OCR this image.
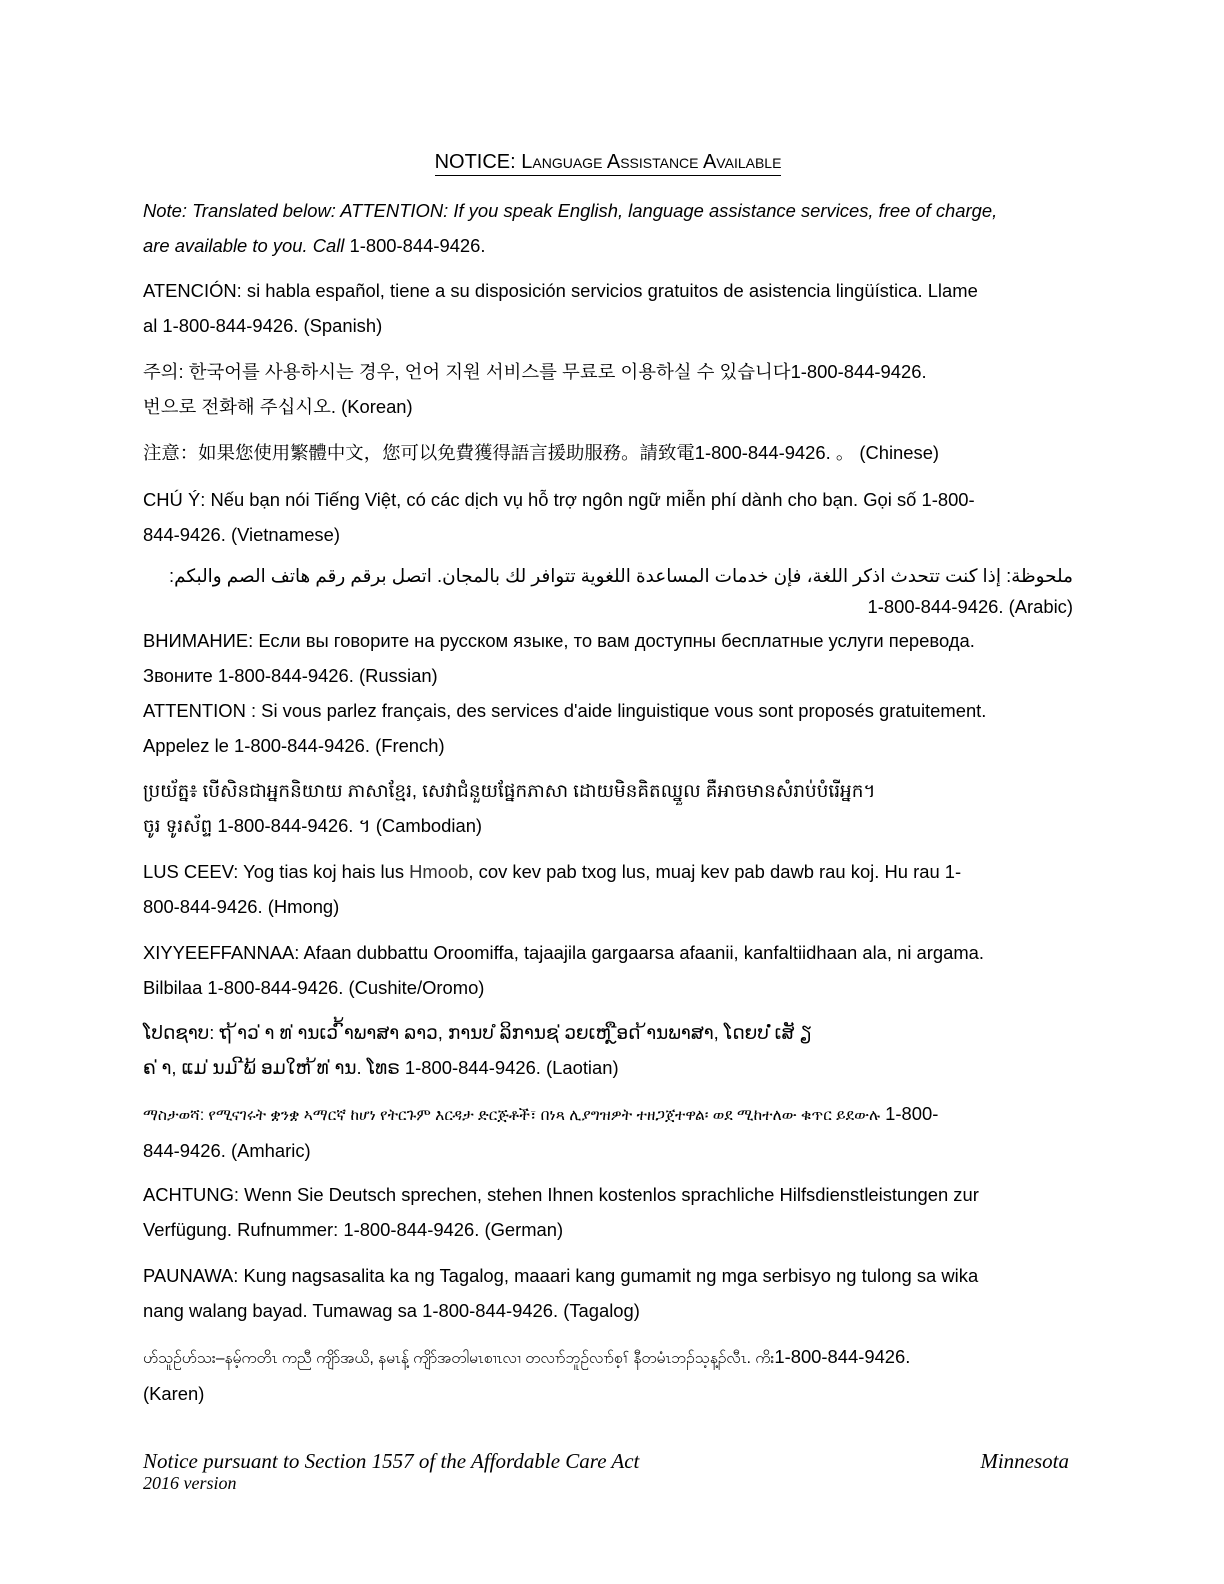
NOTICE: Language Assistance Available
Note: Translated below: ATTENTION: If you speak English, language assistance services, free of charge,
are available to you. Call 1-800-844-9426.
ATENCIÓN: si habla español, tiene a su disposición servicios gratuitos de asistencia lingüística. Llame
al 1-800-844-9426. (Spanish)
주의: 한국어를 사용하시는 경우, 언어 지원 서비스를 무료로 이용하실 수 있습니다1-800-844-9426.
번으로 전화해 주십시오. (Korean)
注意：如果您使用繁體中文，您可以免費獲得語言援助服務。請致電1-800-844-9426. 。 (Chinese)
CHÚ Ý: Nếu bạn nói Tiếng Việt, có các dịch vụ hỗ trợ ngôn ngữ miễn phí dành cho bạn. Gọi số 1-800-
844-9426. (Vietnamese)
ملحوظة: إذا كنت تتحدث اذكر اللغة، فإن خدمات المساعدة اللغوية تتوافر لك بالمجان. اتصل برقم رقم هاتف الصم والبكم:
1-800-844-9426. (Arabic)
ВНИМАНИЕ: Если вы говорите на русском языке, то вам доступны бесплатные услуги перевода.
Звоните 1-800-844-9426. (Russian)
ATTENTION : Si vous parlez français, des services d'aide linguistique vous sont proposés gratuitement.
Appelez le 1-800-844-9426. (French)
ប្រយ័ត្ន៖ បើសិនជាអ្នកនិយាយ ភាសាខ្មែរ, សេវាជំនួយផ្នែកភាសា ដោយមិនគិតឈ្នួល គឺអាចមានសំរាប់បំរើអ្នក។
ចូរ ទូរស័ព្ទ 1-800-844-9426. ។ (Cambodian)
LUS CEEV: Yog tias koj hais lus Hmoob, cov kev pab txog lus, muaj kev pab dawb rau koj. Hu rau 1-
800-844-9426. (Hmong)
XIYYEEFFANNAA: Afaan dubbattu Oroomiffa, tajaajila gargaarsa afaanii, kanfaltiidhaan ala, ni argama.
Bilbilaa 1-800-844-9426. (Cushite/Oromo)
ໂປດຊາບ: ຖ ້າວ ່າ ທ ່ານເວ ົ້າພາສາ ລາວ, ການບ ໍລິການຊ ່ວຍເຫ ຼືອດ ້ານພາສາ, ໂດຍບ ໍ່ເສັ ຽ
ຄ ່າ, ແມ ່ນມ ີພ້ ອມໃຫ ້ທ ່ານ. ໂທຣ 1-800-844-9426. (Laotian)
ማስታወሻ: የሚናገሩት ቋንቋ ኣማርኛ ከሆነ የትርጉም እርዳታ ድርጅቶች፣ በነጻ ሊያግዝዎት ተዘጋጀተዋል፡ ወደ ሚከተለው ቁጥር ይደውሉ 1-800-
844-9426. (Amharic)
ACHTUNG: Wenn Sie Deutsch sprechen, stehen Ihnen kostenlos sprachliche Hilfsdienstleistungen zur
Verfügung. Rufnummer: 1-800-844-9426. (German)
PAUNAWA: Kung nagsasalita ka ng Tagalog, maaari kang gumamit ng mga serbisyo ng tulong sa wika
nang walang bayad. Tumawag sa 1-800-844-9426. (Tagalog)
ဟ်သူဉ်ဟ်သး–နမ့်ကတိၤ ကညီ ကျိာ်အယိ, နမၤန့် ကျိာ်အတါမၤစၢၤလၢ တလၢာ်ဘူဉ်လၢာ်စ့ၢ် နီတမံၤဘၣ်သ့န့ၣ်လီၤ. ကိး1-800-844-9426.
(Karen)
Notice pursuant to Section 1557 of the Affordable Care Act
2016 version
Minnesota
